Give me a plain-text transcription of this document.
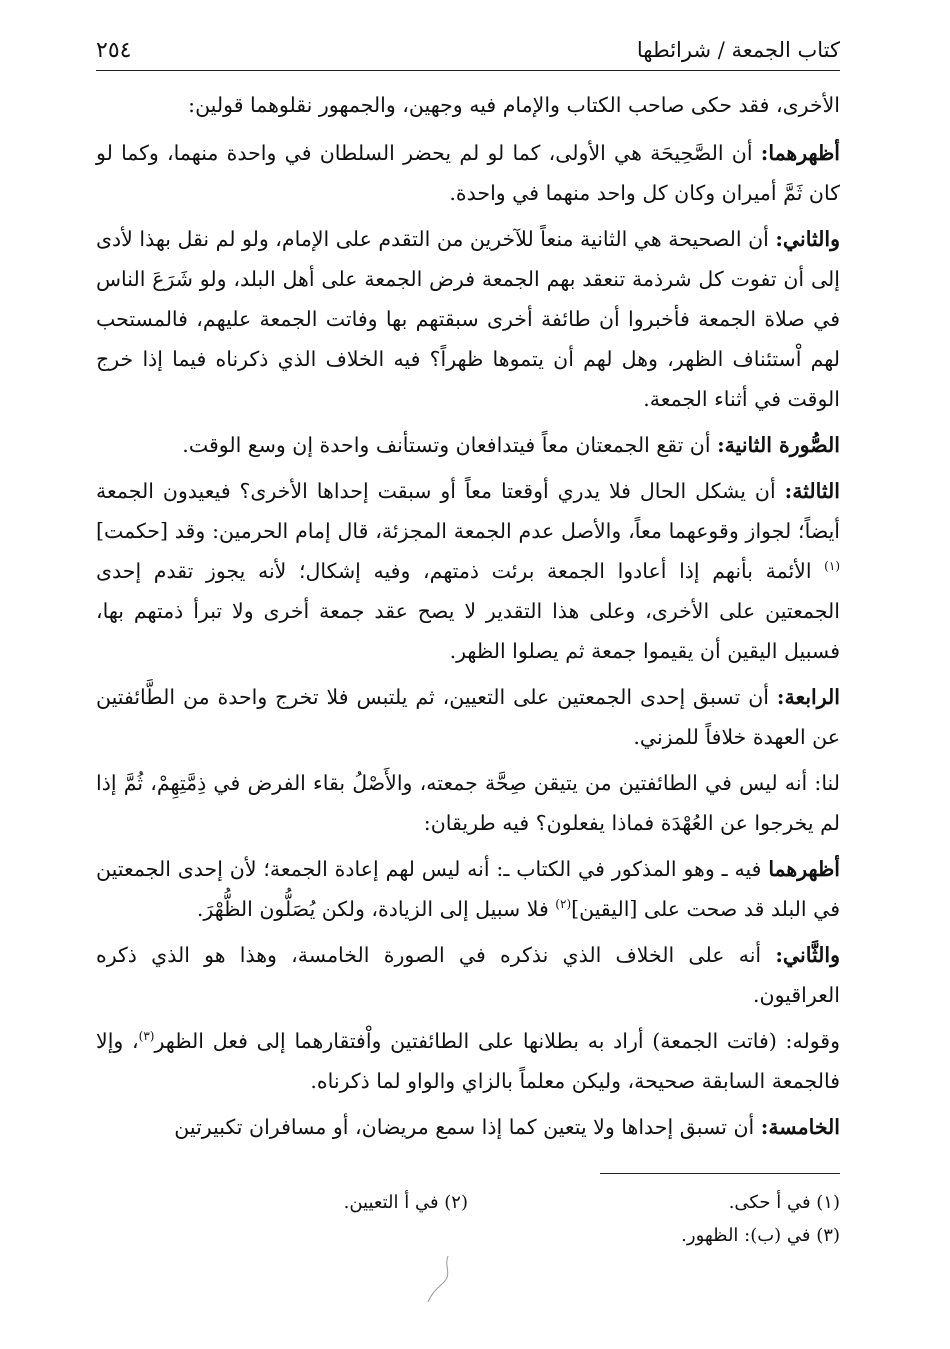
كتاب الجمعة / شرائطها
٢٥٤

الأخرى، فقد حكى صاحب الكتاب والإمام فيه وجهين، والجمهور نقلوهما قولين:

أظهرهما: أن الصَّحِيحَة هي الأولى، كما لو لم يحضر السلطان في واحدة منهما، وكما لو كان ثَمَّ أميران وكان كل واحد منهما في واحدة.

والثاني: أن الصحيحة هي الثانية منعاً للآخرين من التقدم على الإمام، ولو لم نقل بهذا لأدى إلى أن تفوت كل شرذمة تنعقد بهم الجمعة فرض الجمعة على أهل البلد، ولو شَرَعَ الناس في صلاة الجمعة فأخبروا أن طائفة أخرى سبقتهم بها وفاتت الجمعة عليهم، فالمستحب لهم اْستئناف الظهر، وهل لهم أن يتموها ظهراً؟ فيه الخلاف الذي ذكرناه فيما إذا خرج الوقت في أثناء الجمعة.

الصُّورة الثانية: أن تقع الجمعتان معاً فيتدافعان وتستأنف واحدة إن وسع الوقت.

الثالثة: أن يشكل الحال فلا يدري أوقعتا معاً أو سبقت إحداها الأخرى؟ فيعيدون الجمعة أيضاً؛ لجواز وقوعهما معاً، والأصل عدم الجمعة المجزئة، قال إمام الحرمين: وقد [حكمت]$^{(١)}$ الأئمة بأنهم إذا أعادوا الجمعة برئت ذمتهم، وفيه إشكال؛ لأنه يجوز تقدم إحدى الجمعتين على الأخرى، وعلى هذا التقدير لا يصح عقد جمعة أخرى ولا تبرأ ذمتهم بها، فسبيل اليقين أن يقيموا جمعة ثم يصلوا الظهر.

الرابعة: أن تسبق إحدى الجمعتين على التعيين، ثم يلتبس فلا تخرج واحدة من الطَّائفتين عن العهدة خلافاً للمزني.

لنا: أنه ليس في الطائفتين من يتيقن صِحَّة جمعته، والأَصْلُ بقاء الفرض في ذِمَّتِهِمْ، ثُمَّ إذا لم يخرجوا عن العُهْدَة فماذا يفعلون؟ فيه طريقان:

أظهرهما فيه ـ وهو المذكور في الكتاب ـ: أنه ليس لهم إعادة الجمعة؛ لأن إحدى الجمعتين في البلد قد صحت على [اليقين]$^{(٢)}$ فلا سبيل إلى الزيادة، ولكن يُصَلُّون الظُّهْرَ.

والثَّاني: أنه على الخلاف الذي نذكره في الصورة الخامسة، وهذا هو الذي ذكره العراقيون.

وقوله: (فاتت الجمعة) أراد به بطلانها على الطائفتين واْفتقارهما إلى فعل الظهر$^{(٣)}$، وإلا فالجمعة السابقة صحيحة، وليكن معلماً بالزاي والواو لما ذكرناه.

الخامسة: أن تسبق إحداها ولا يتعين كما إذا سمع مريضان، أو مسافران تكبيرتين

(١) في أ حكى.
(٢) في أ التعيين.
(٣) في (ب): الظهور.
